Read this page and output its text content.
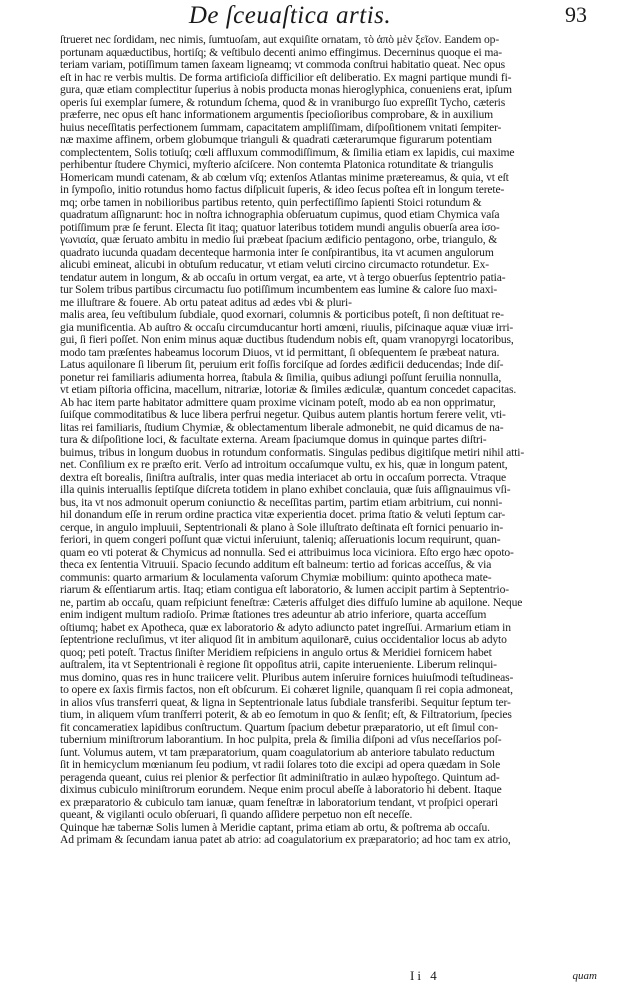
De ſceuaſtica artis.	93
ſtrueret nec ſordidam, nec nimis, ſumtuoſam, aut exquiſite ornatam, τὸ ἀπὸ μὲν ξεῖον. Eandem op-
portunam aquæductibus, hortiſq; & veſtibulo decenti animo effingimus. Decerninus quoque ei ma-
teriam variam, potiſſimum tamen ſaxeam ligneamq; vt commoda conſtrui habitatio queat. Nec opus
eſt in hac re verbis multis. De forma artificioſa difficilior eſt deliberatio. Ex magni partique mundi fi-
gura, quæ etiam complectitur ſuperius à nobis producta monas hieroglyphica, conueniens erat, ipſum
operis ſui exemplar ſumere, & rotundum ſchema, quod & in vraniburgo ſuo expreſſit Tycho, cæteris
præferre, nec opus eſt hanc informationem argumentis ſpecioſioribus comprobare, & in auxilium
huius neceſſitatis perfectionem ſummam, capacitatem ampliſſimam, diſpoſitionem vnitati ſempiter-
næ maxime affinem, orbem globumque trianguli & quadrati cæterarumque figurarum potentiam
complectentem, Solis totiuſq; cœli affluxum commodiſſimum, & ſimilia etiam ex lapidis, cui maxime
perhibentur ſtudere Chymici, myſterio aſciſcere. Non contemta Platonica rotunditate & triangulis
Homericam mundi catenam, & ab cœlum vſq; extenſos Atlantas minime prætereamus, & quia, vt eſt
in ſympoſio, initio rotundus homo factus diſplicuit ſuperis, & ideo ſecus poſtea eſt in longum terete-
mq; orbe tamen in nobilioribus partibus retento, quin perfectiſſimo ſapienti Stoici rotundum &
quadratum aſſignarunt: hoc in noſtra ichnographia obſeruatum cupimus, quod etiam Chymica vaſa
potiſſimum præ ſe ferunt. Electa ſit itaq; quatuor lateribus totidem mundi angulis obuerſa area ἰσο-
γωνιαία, quæ ſeruato ambitu in medio ſui præbeat ſpacium ædificio pentagono, orbe, triangulo, &
quadrato iucunda quadam decenteque harmonia inter ſe conſpirantibus, ita vt acumen angulorum
alicubi emineat, alicubi in obtuſum reducatur, vt etiam veluti circino circumacto rotundetur. Ex-
tendatur autem in longum, & ab occaſu in ortum vergat, ea arte, vt à tergo obuerſus ſeptentrio patia-
tur Solem tribus partibus circumactu ſuo potiſſimum incumbentem eas lumine & calore ſuo maxi-
me illuſtrare & fouere. Ab ortu pateat aditus ad ædes vbi & pluri-
malis area, ſeu veſtibulum ſubdiale, quod exornari, columnis & porticibus poteſt, ſi non deſtituat re-
gia munificentia. Ab auſtro & occaſu circumducantur horti amœni, riuulis, piſcinaque aquæ viuæ irri-
gui, ſi fieri poſſet. Non enim minus aquæ ductibus ſtudendum nobis eſt, quam vranopyrgi locatoribus,
modo tam præſentes habeamus locorum Diuos, vt id permittant, ſi obſequentem ſe præbeat natura.
Latus aquilonare ſi liberum ſit, peruium erit foſſis forciſque ad ſordes ædificii deducendas; Inde diſ-
ponetur rei familiaris adiumenta horrea, ſtabula & ſimilia, quibus adiungi poſſunt ſeruilia nonnulla,
vt etiam piſtoria officina, macellum, nitrariæ, lotoriæ & ſimiles ædiculæ, quantum concedet capacitas.
Ab hac item parte habitator admittere quam proxime vicinam poteſt, modo ab ea non opprimatur,
ſuiſque commoditatibus & luce libera perfrui negetur. Quibus autem plantis hortum ferere velit, vti-
litas rei familiaris, ſtudium Chymiæ, & oblectamentum liberale admonebit, ne quid dicamus de na-
tura & diſpoſitione loci, & facultate externa. Aream ſpaciumque domus in quinque partes diſtri-
buimus, tribus in longum duobus in rotundum conformatis. Singulas pedibus digitiſque metiri nihil atti-
net. Conſilium ex re præſto erit. Verſo ad introitum occaſumque vultu, ex his, quæ in longum patent,
dextra eſt borealis, ſiniſtra auſtralis, inter quas media interiacet ab ortu in occaſum porrecta. Vtraque
illa quinis interuallis ſeptiſque diſcreta totidem in plano exhibet conclauia, quæ ſuis aſſignauimus vſi-
bus, ita vt nos admonuit operum coniunctio & neceſſitas partim, partim etiam arbitrium, cui nonni-
hil donandum eſſe in rerum ordine practica vitæ experientia docet. prima ſtatio & veluti ſeptum car-
cerque, in angulo impluuii, Septentrionali & plano à Sole illuſtrato deſtinata eſt fornici penuario in-
feriori, in quem congeri poſſunt quæ victui inſeruiunt, taleniq; aſſeruationis locum requirunt, quan-
quam eo vti poterat & Chymicus ad nonnulla. Sed ei attribuimus loca viciniora. Eſto ergo hæc opoto-
theca ex ſententia Vitruuii. Spacio ſecundo additum eſt balneum: tertio ad foricas acceſſus, & via
communis: quarto armarium & loculamenta vaſorum Chymiæ mobilium: quinto apotheca mate-
riarum & eſſentiarum artis. Itaq; etiam contigua eſt laboratorio, & lumen accipit partim à Septentrio-
ne, partim ab occaſu, quam reſpiciunt feneſtræ: Cæteris affulget dies diffuſo lumine ab aquilone. Neque
enim indigent multum radioſo. Primæ ſtationes tres adeuntur ab atrio inferiore, quarta acceſſum
oſtiumq; habet ex Apotheca, quæ ex laboratorio & adyto adiuncto patet ingreſſui. Armarium etiam in
ſeptentrione recluſimus, vt iter aliquod ſit in ambitum aquilonarē, cuius occidentalior locus ab adyto
quoq; peti poteſt. Tractus ſiniſter Meridiem reſpiciens in angulo ortus & Meridiei fornicem habet
auſtralem, ita vt Septentrionali è regione ſit oppoſitus atrii, capite interueniente. Liberum relinqui-
mus domino, quas res in hunc traiicere velit. Pluribus autem inſeruire fornices huiuſmodi teſtudineas-
to opere ex ſaxis firmis factos, non eſt obſcurum. Ei cohæret lignile, quanquam ſi rei copia admoneat,
in alios vſus transferri queat, & ligna in Septentrionale latus ſubdiale transferibi. Sequitur ſeptum ter-
tium, in aliquem vſum tranſferri poterit, & ab eo ſemotum in quo & ſenſit; eſt, & Filtratorium, ſpecies
fit concameratiex lapidibus conſtructum. Quartum ſpacium debetur præparatorio, ut eſt ſimul con-
tubernium miniſtrorum laborantium. In hoc pulpita, prela & ſimilia diſponi ad vſus neceſſarios poſ-
ſunt. Volumus autem, vt tam præparatorium, quam coagulatorium ab anteriore tabulato reductum
ſit in hemicyclum mœnianum ſeu podium, vt radii ſolares toto die excipi ad opera quædam in Sole
peragenda queant, cuius rei plenior & perfectior ſit adminiſtratio in aulæo hypoſtego. Quintum ad-
diximus cubiculo miniſtrorum eorundem. Neque enim procul abeſſe à laboratorio hi debent. Itaque
ex præparatorio & cubiculo tam ianuæ, quam feneſtræ in laboratorium tendant, vt proſpici operari
queant, & vigilanti oculo obſeruari, ſi quando aſſidere perpetuo non eſt neceſſe.
Quinque hæ tabernæ Solis lumen à Meridie captant, prima etiam ab ortu, & poſtrema ab occaſu.
Ad primam & ſecundam ianua patet ab atrio: ad coagulatorium ex præparatorio; ad hoc tam ex atrio,
Ii 4	quam
